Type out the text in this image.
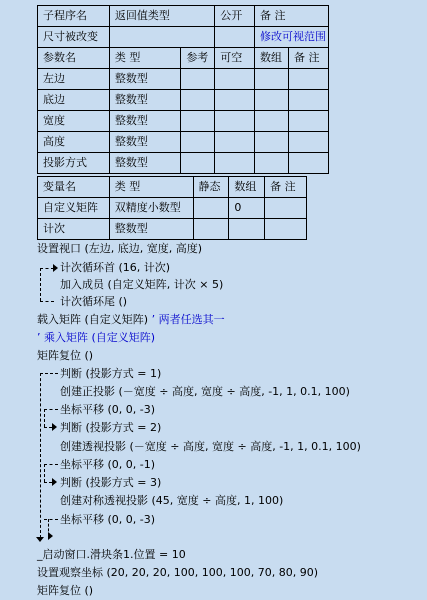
子程序名	返回值类型		公开	备 注	
尺寸被改变				修改可视范围	
参数名	类 型	参考	可空	数组	备 注
左边	整数型				
底边	整数型				
宽度	整数型				
高度	整数型				
投影方式	整数型				
变量名	类 型	静态	数组	备 注
自定义矩阵	双精度小数型		0	
计次	整数型			
设置视口 (左边, 底边, 宽度, 高度)
计次循环首 (16, 计次)
加入成员 (自定义矩阵, 计次 × 5)
计次循环尾 ()
载入矩阵 (自定义矩阵) ’ 两者任选其一
’ 乘入矩阵 (自定义矩阵)
矩阵复位 ()
判断 (投影方式 = 1)
创建正投影 (－宽度 ÷ 高度, 宽度 ÷ 高度, -1, 1, 0.1, 100)
坐标平移 (0, 0, -3)
判断 (投影方式 = 2)
创建透视投影 (－宽度 ÷ 高度, 宽度 ÷ 高度, -1, 1, 0.1, 100)
坐标平移 (0, 0, -1)
判断 (投影方式 = 3)
创建对称透视投影 (45, 宽度 ÷ 高度, 1, 100)
坐标平移 (0, 0, -3)
_启动窗口.滑块条1.位置 = 10
设置观察坐标 (20, 20, 20, 100, 100, 100, 70, 80, 90)
矩阵复位 ()
